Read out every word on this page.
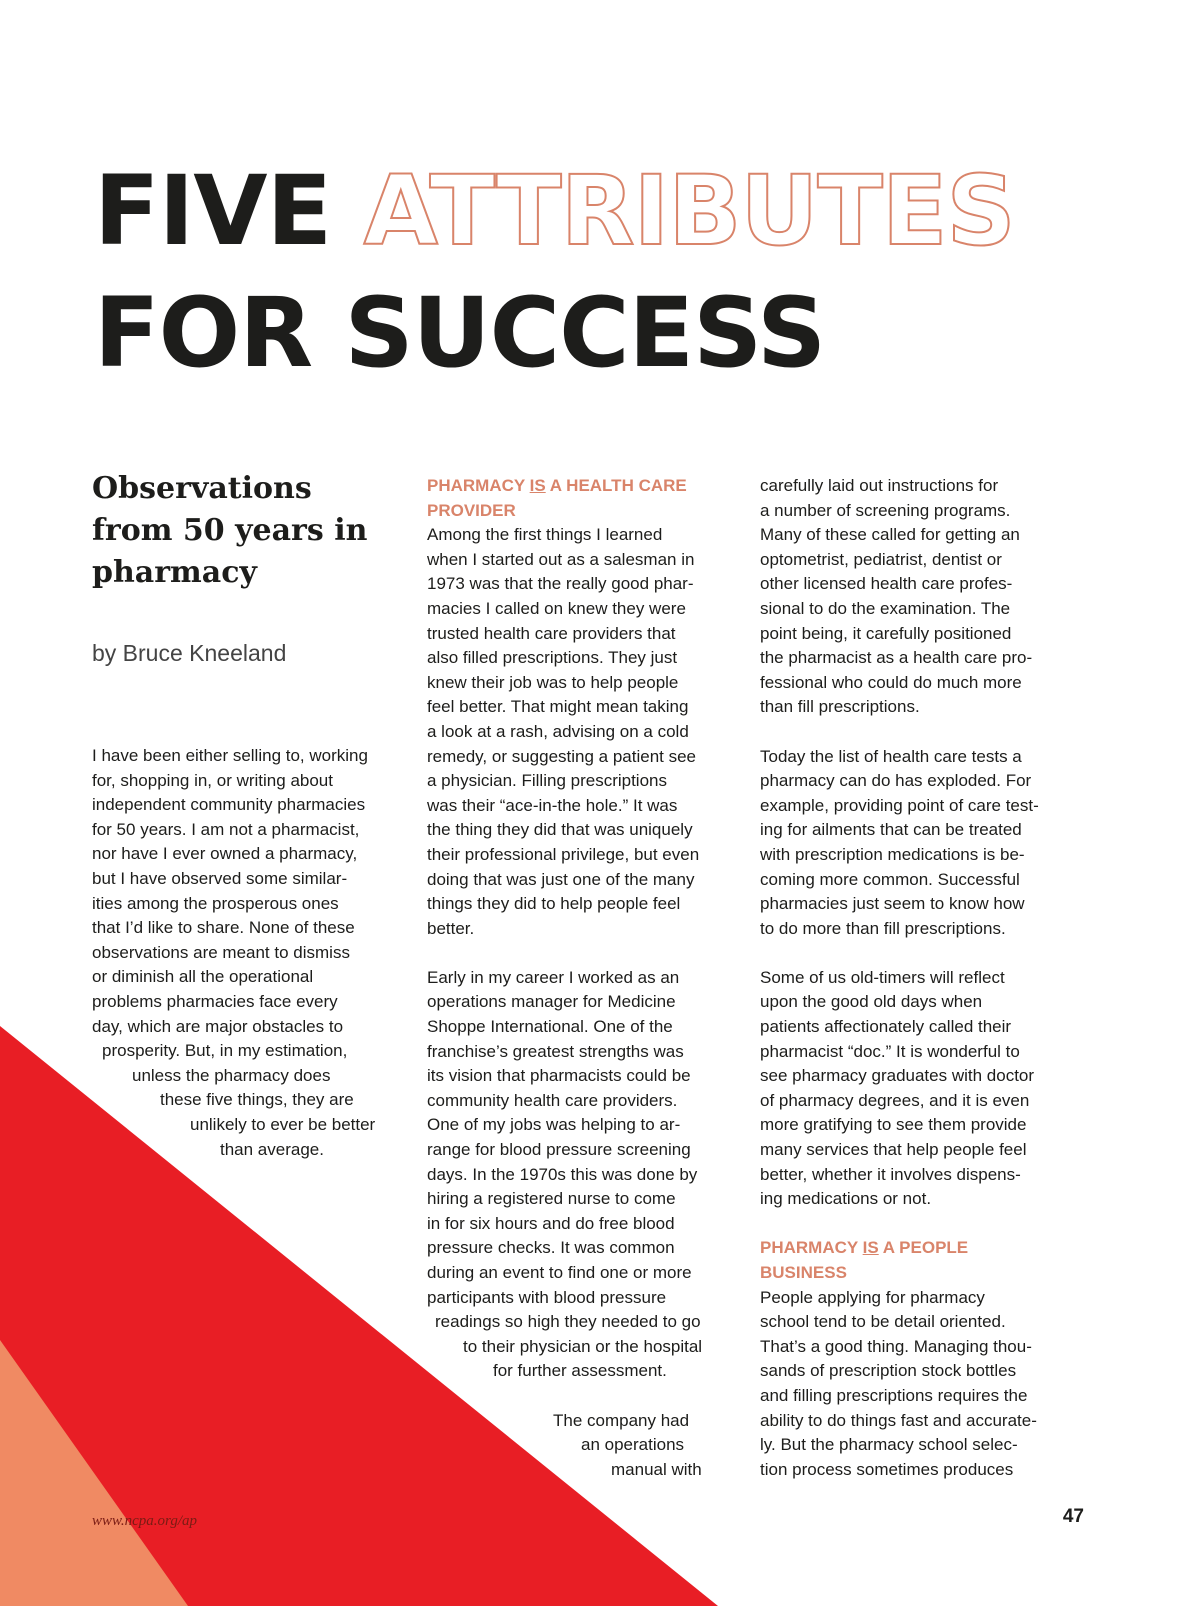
FIVE ATTRIBUTES
FOR SUCCESS
Observations from 50 years in pharmacy

by Bruce Kneeland

I have been either selling to, working
for, shopping in, or writing about
independent community pharmacies
for 50 years. I am not a pharmacist,
nor have I ever owned a pharmacy,
but I have observed some similar-
ities among the prosperous ones
that I’d like to share. None of these
observations are meant to dismiss
or diminish all the operational
problems pharmacies face every
day, which are major obstacles to
prosperity. But, in my estimation,
unless the pharmacy does
these five things, they are
unlikely to ever be better
than average.
PHARMACY IS A HEALTH CARE
PROVIDER
Among the first things I learned
when I started out as a salesman in
1973 was that the really good phar-
macies I called on knew they were
trusted health care providers that
also filled prescriptions. They just
knew their job was to help people
feel better. That might mean taking
a look at a rash, advising on a cold
remedy, or suggesting a patient see
a physician. Filling prescriptions
was their “ace-in-the hole.” It was
the thing they did that was uniquely
their professional privilege, but even
doing that was just one of the many
things they did to help people feel
better.
Early in my career I worked as an
operations manager for Medicine
Shoppe International. One of the
franchise’s greatest strengths was
its vision that pharmacists could be
community health care providers.
One of my jobs was helping to ar-
range for blood pressure screening
days. In the 1970s this was done by
hiring a registered nurse to come
in for six hours and do free blood
pressure checks. It was common
during an event to find one or more
participants with blood pressure
readings so high they needed to go
to their physician or the hospital
for further assessment.
The company had
an operations
manual with
carefully laid out instructions for
a number of screening programs.
Many of these called for getting an
optometrist, pediatrist, dentist or
other licensed health care profes-
sional to do the examination. The
point being, it carefully positioned
the pharmacist as a health care pro-
fessional who could do much more
than fill prescriptions.
Today the list of health care tests a
pharmacy can do has exploded. For
example, providing point of care test-
ing for ailments that can be treated
with prescription medications is be-
coming more common. Successful
pharmacies just seem to know how
to do more than fill prescriptions.
Some of us old-timers will reflect
upon the good old days when
patients affectionately called their
pharmacist “doc.” It is wonderful to
see pharmacy graduates with doctor
of pharmacy degrees, and it is even
more gratifying to see them provide
many services that help people feel
better, whether it involves dispens-
ing medications or not.
PHARMACY IS A PEOPLE
BUSINESS
People applying for pharmacy
school tend to be detail oriented.
That’s a good thing. Managing thou-
sands of prescription stock bottles
and filling prescriptions requires the
ability to do things fast and accurate-
ly. But the pharmacy school selec-
tion process sometimes produces
www.ncpa.org/ap	47
